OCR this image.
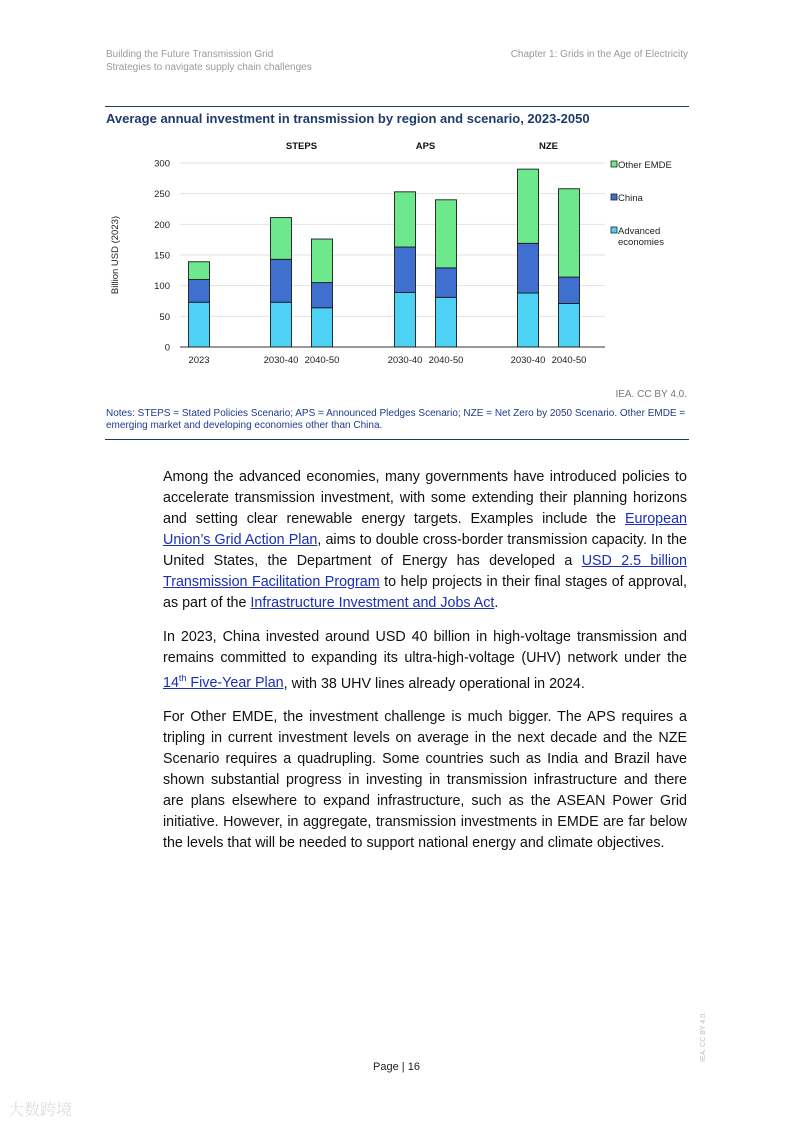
Building the Future Transmission Grid
Strategies to navigate supply chain challenges
Chapter 1: Grids in the Age of Electricity
Average annual investment in transmission by region and scenario, 2023-2050
0
50
100
150
200
250
300
Billion USD (2023)
2023	2030-40 2040-50	2030-40 2040-50	2030-40 2040-50
STEPS	APS	NZE
Other EMDE
China
Advanced
economies
IEA. CC BY 4.0.
Notes: STEPS = Stated Policies Scenario; APS = Announced Pledges Scenario; NZE = Net Zero by 2050 Scenario. Other EMDE = emerging market and developing economies other than China.

Among the advanced economies, many governments have introduced policies to accelerate transmission investment, with some extending their planning horizons and setting clear renewable energy targets. Examples include the European Union’s Grid Action Plan, aims to double cross-border transmission capacity. In the United States, the Department of Energy has developed a USD 2.5 billion Transmission Facilitation Program to help projects in their final stages of approval, as part of the Infrastructure Investment and Jobs Act.

In 2023, China invested around USD 40 billion in high-voltage transmission and remains committed to expanding its ultra-high-voltage (UHV) network under the 14th Five-Year Plan, with 38 UHV lines already operational in 2024.

For Other EMDE, the investment challenge is much bigger. The APS requires a tripling in current investment levels on average in the next decade and the NZE Scenario requires a quadrupling. Some countries such as India and Brazil have shown substantial progress in investing in transmission infrastructure and there are plans elsewhere to expand infrastructure, such as the ASEAN Power Grid initiative. However, in aggregate, transmission investments in EMDE are far below the levels that will be needed to support national energy and climate objectives.

Page | 16
IEA. CC BY 4.0.
大数跨境
